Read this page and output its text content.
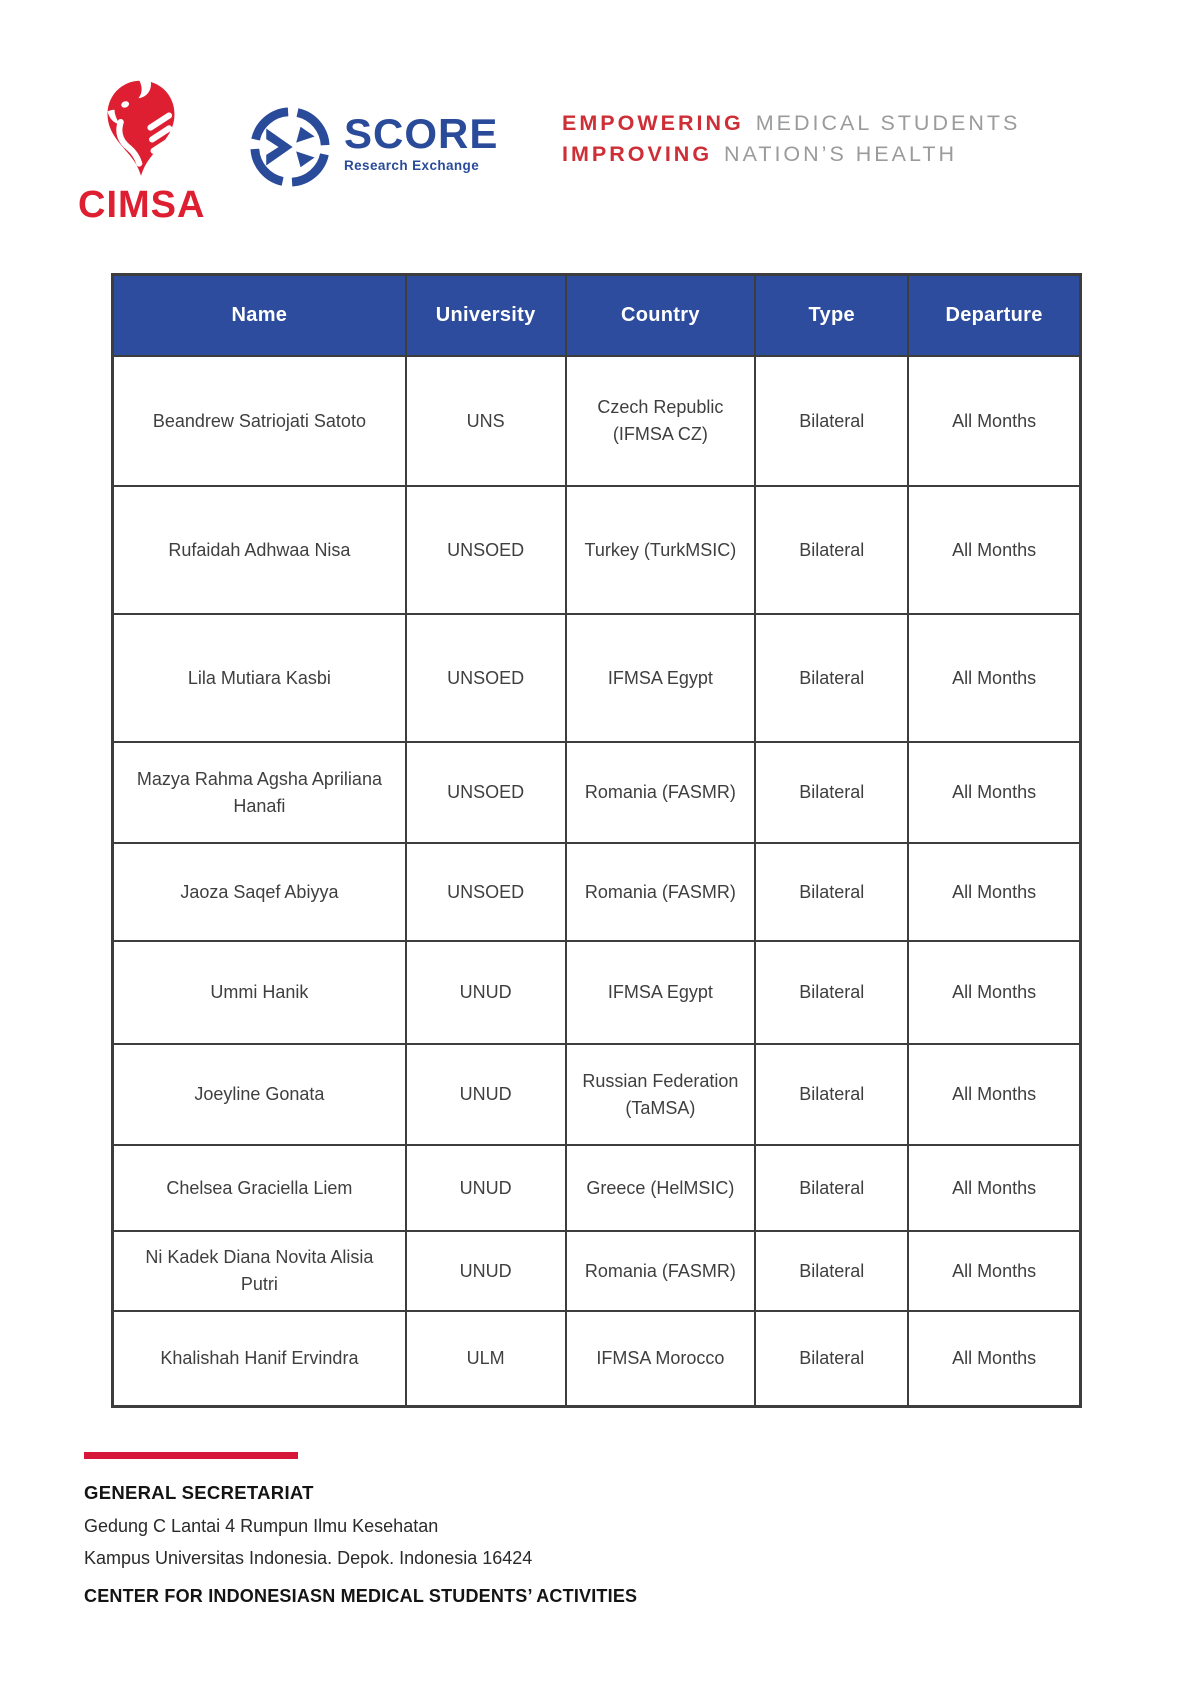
CIMSA
SCORE
Research Exchange
EMPOWERING MEDICAL STUDENTS
IMPROVING NATION’S HEALTH
Name	University	Country	Type	Departure
Beandrew Satriojati Satoto	UNS	Czech Republic (IFMSA CZ)	Bilateral	All Months
Rufaidah Adhwaa Nisa	UNSOED	Turkey (TurkMSIC)	Bilateral	All Months
Lila Mutiara Kasbi	UNSOED	IFMSA Egypt	Bilateral	All Months
Mazya Rahma Agsha Apriliana Hanafi	UNSOED	Romania (FASMR)	Bilateral	All Months
Jaoza Saqef Abiyya	UNSOED	Romania (FASMR)	Bilateral	All Months
Ummi Hanik	UNUD	IFMSA Egypt	Bilateral	All Months
Joeyline Gonata	UNUD	Russian Federation (TaMSA)	Bilateral	All Months
Chelsea Graciella Liem	UNUD	Greece (HelMSIC)	Bilateral	All Months
Ni Kadek Diana Novita Alisia Putri	UNUD	Romania (FASMR)	Bilateral	All Months
Khalishah Hanif Ervindra	ULM	IFMSA Morocco	Bilateral	All Months
GENERAL SECRETARIAT
Gedung C Lantai 4 Rumpun Ilmu Kesehatan
Kampus Universitas Indonesia. Depok. Indonesia 16424
CENTER FOR INDONESIASN MEDICAL STUDENTS’ ACTIVITIES
